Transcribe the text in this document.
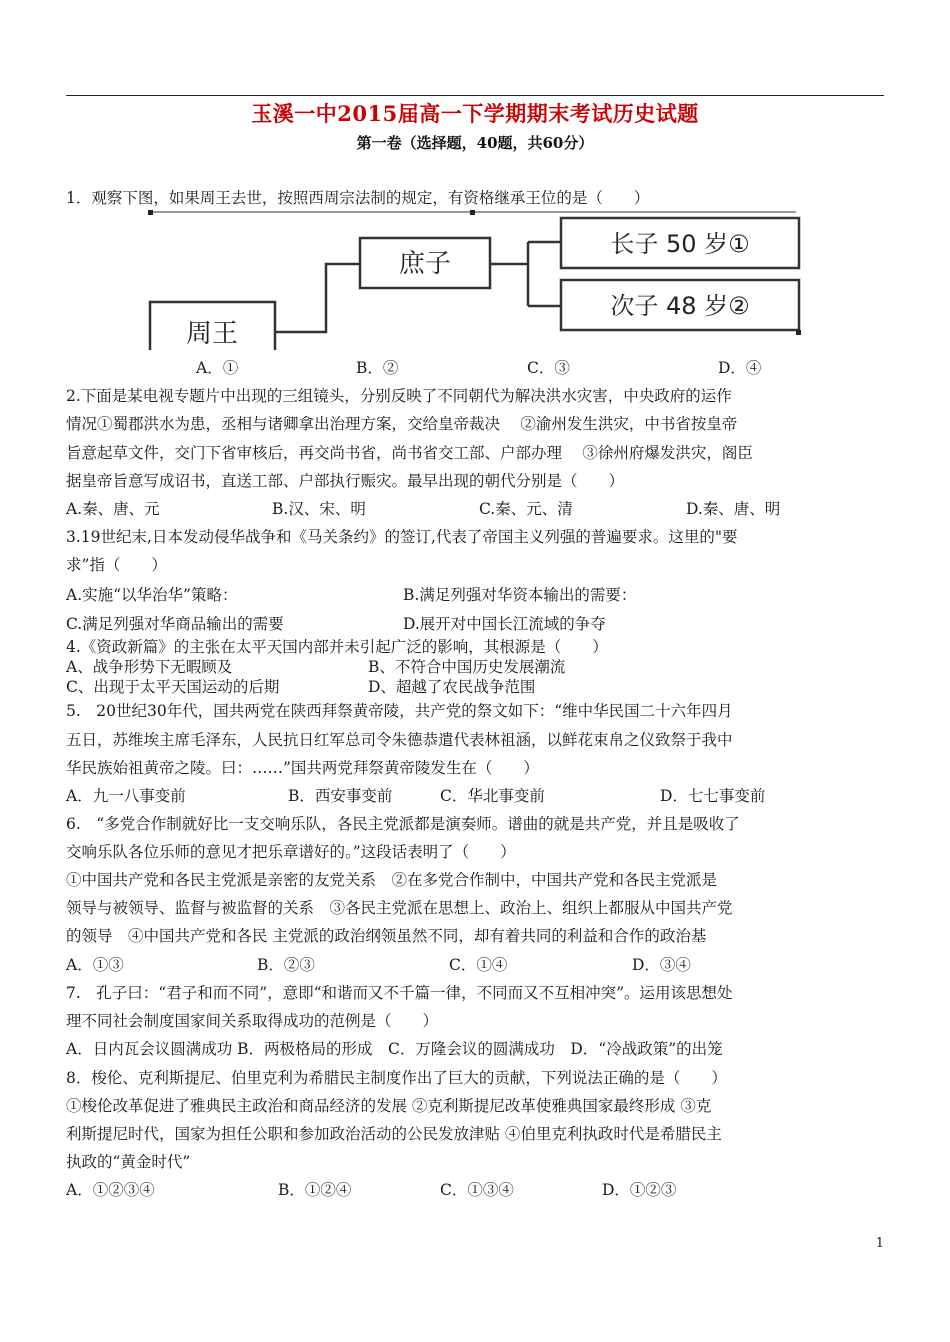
玉溪一中2015届高一下学期期末考试历史试题
第一卷（选择题，40题，共60分）
1．观察下图，如果周王去世，按照西周宗法制的规定，有资格继承王位的是（　　）
周王
庶子
长子 50 岁①
次子 48 岁②
A．①	B．②	C．③	D．④
2.下面是某电视专题片中出现的三组镜头，分别反映了不同朝代为解决洪水灾害，中央政府的运作
情况①蜀郡洪水为患，丞相与诸卿拿出治理方案，交给皇帝裁决　 ②渝州发生洪灾，中书省按皇帝
旨意起草文件，交门下省审核后，再交尚书省，尚书省交工部、户部办理　 ③徐州府爆发洪灾，阁臣
据皇帝旨意写成诏书，直送工部、户部执行赈灾。最早出现的朝代分别是（　　）
A.秦、唐、元	B.汉、宋、明	C.秦、元、清	D.秦、唐、明
3.19世纪末,日本发动侵华战争和《马关条约》的签订,代表了帝国主义列强的普遍要求。这里的"要
求”指（　　）
A.实施“以华治华”策略：	B.满足列强对华资本输出的需要：
C.满足列强对华商品输出的需要	D.展开对中国长江流域的争夺
4.《资政新篇》的主张在太平天国内部并未引起广泛的影响，其根源是（　　）
A、战争形势下无暇顾及	B、不符合中国历史发展潮流
C、出现于太平天国运动的后期	D、超越了农民战争范围
5.　20世纪30年代，国共两党在陕西拜祭黄帝陵，共产党的祭文如下：“维中华民国二十六年四月
五日，苏维埃主席毛泽东，人民抗日红军总司令朱德恭遣代表林祖涵，以鲜花束帛之仪致祭于我中
华民族始祖黄帝之陵。曰：……”国共两党拜祭黄帝陵发生在（　　）
A．九一八事变前	B．西安事变前	C．华北事变前	D．七七事变前
6.　“多党合作制就好比一支交响乐队，各民主党派都是演奏师。谱曲的就是共产党，并且是吸收了
交响乐队各位乐师的意见才把乐章谱好的。”这段话表明了（　　）
①中国共产党和各民主党派是亲密的友党关系　②在多党合作制中，中国共产党和各民主党派是
领导与被领导、监督与被监督的关系　③各民主党派在思想上、政治上、组织上都服从中国共产党
的领导　④中国共产党和各民 主党派的政治纲领虽然不同，却有着共同的利益和合作的政治基
A．①③	B．②③	C．①④	D．③④
7.　孔子曰：“君子和而不同”，意即“和谐而又不千篇一律，不同而又不互相冲突”。运用该思想处
理不同社会制度国家间关系取得成功的范例是（　　）
A．日内瓦会议圆满成功 B．两极格局的形成　C．万隆会议的圆满成功　D．“冷战政策”的出笼
8．梭伦、克利斯提尼、伯里克利为希腊民主制度作出了巨大的贡献，下列说法正确的是（　　）
①梭伦改革促进了雅典民主政治和商品经济的发展 ②克利斯提尼改革使雅典国家最终形成 ③克
利斯提尼时代，国家为担任公职和参加政治活动的公民发放津贴 ④伯里克利执政时代是希腊民主
执政的“黄金时代”
A．①②③④	B．①②④	C．①③④	D．①②③
1
